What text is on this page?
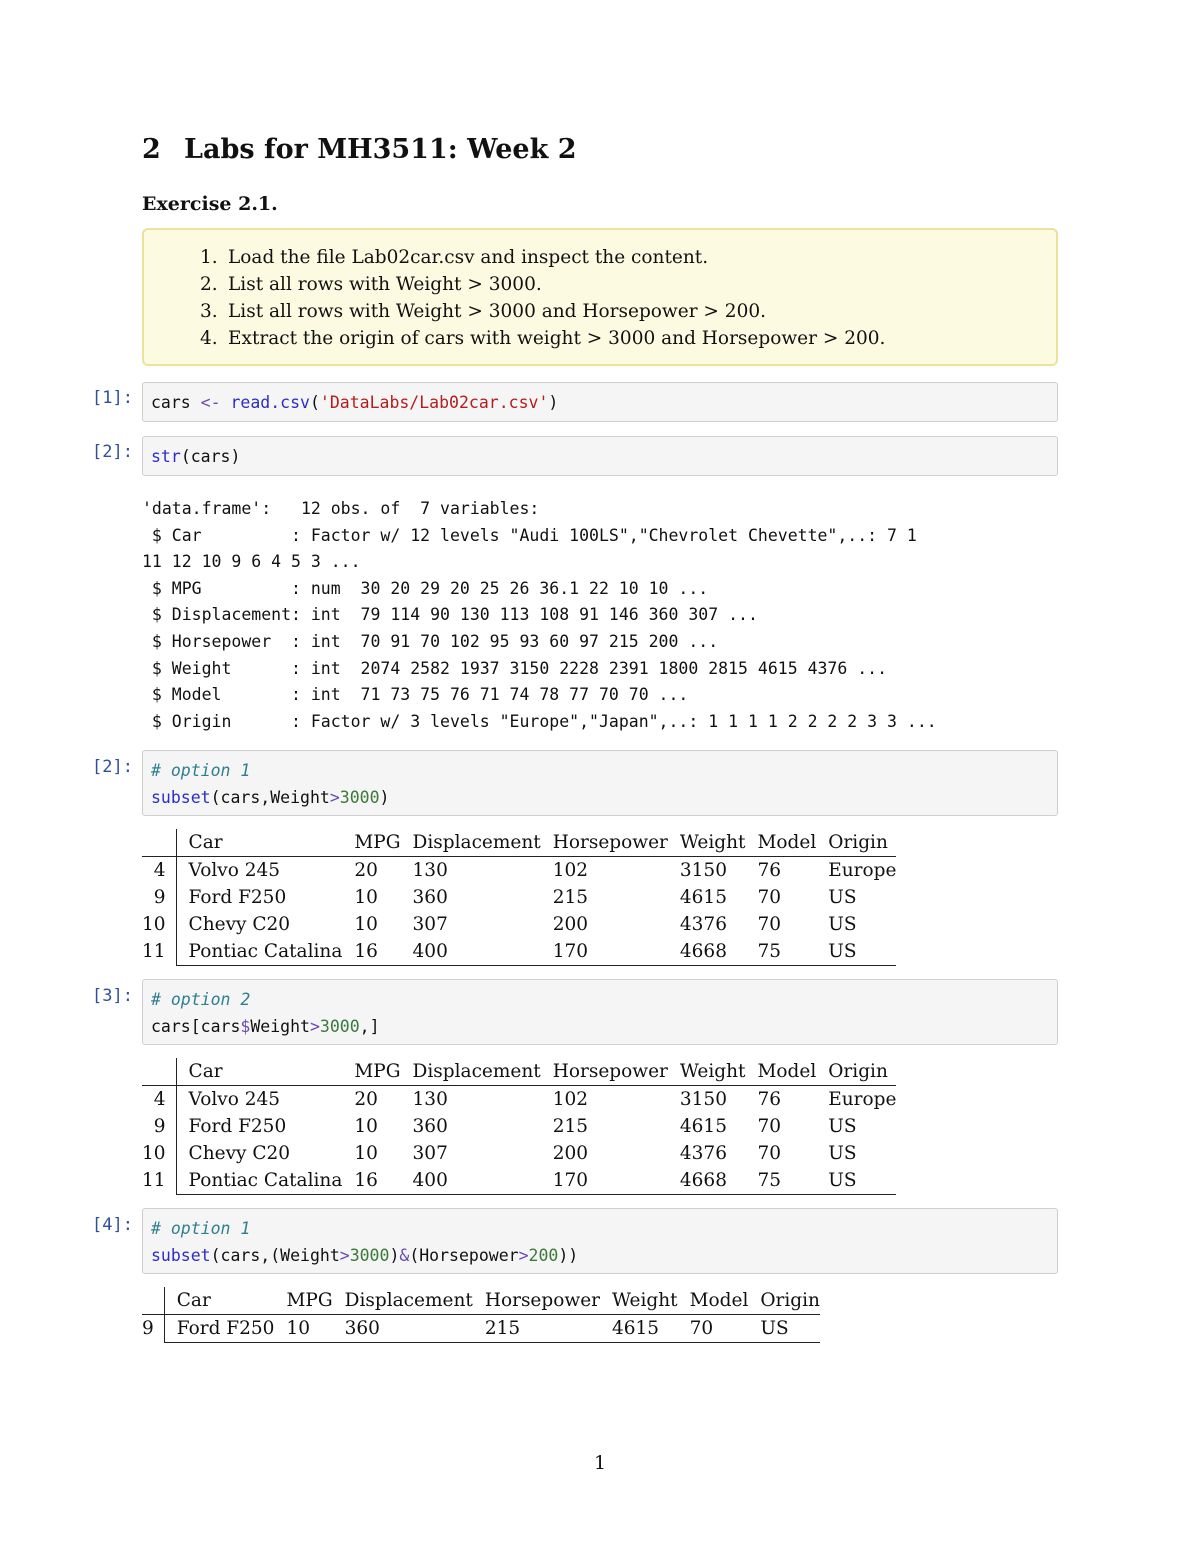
2 Labs for MH3511: Week 2
Exercise 2.1.
1. Load the file Lab02car.csv and inspect the content.
2. List all rows with Weight > 3000.
3. List all rows with Weight > 3000 and Horsepower > 200.
4. Extract the origin of cars with weight > 3000 and Horsepower > 200.
[1]: cars <- read.csv('DataLabs/Lab02car.csv')
[2]: str(cars)
'data.frame':   12 obs. of  7 variables:
$ Car         : Factor w/ 12 levels "Audi 100LS","Chevrolet Chevette",..: 7 1
11 12 10 9 6 4 5 3 ...
$ MPG         : num  30 20 29 20 25 26 36.1 22 10 10 ...
$ Displacement: int  79 114 90 130 113 108 91 146 360 307 ...
$ Horsepower  : int  70 91 70 102 95 93 60 97 215 200 ...
$ Weight      : int  2074 2582 1937 3150 2228 2391 1800 2815 4615 4376 ...
$ Model       : int  71 73 75 76 71 74 78 77 70 70 ...
$ Origin      : Factor w/ 3 levels "Europe","Japan",..: 1 1 1 1 2 2 2 2 3 3 ...
[2]: # option 1
subset(cars,Weight>3000)
	Car	MPG	Displacement	Horsepower	Weight	Model	Origin
4	Volvo 245	20	130	102	3150	76	Europe
9	Ford F250	10	360	215	4615	70	US
10	Chevy C20	10	307	200	4376	70	US
11	Pontiac Catalina	16	400	170	4668	75	US
[3]: # option 2
cars[cars$Weight>3000,]
	Car	MPG	Displacement	Horsepower	Weight	Model	Origin
4	Volvo 245	20	130	102	3150	76	Europe
9	Ford F250	10	360	215	4615	70	US
10	Chevy C20	10	307	200	4376	70	US
11	Pontiac Catalina	16	400	170	4668	75	US
[4]: # option 1
subset(cars,(Weight>3000)&(Horsepower>200))
	Car	MPG	Displacement	Horsepower	Weight	Model	Origin
9	Ford F250	10	360	215	4615	70	US
1
